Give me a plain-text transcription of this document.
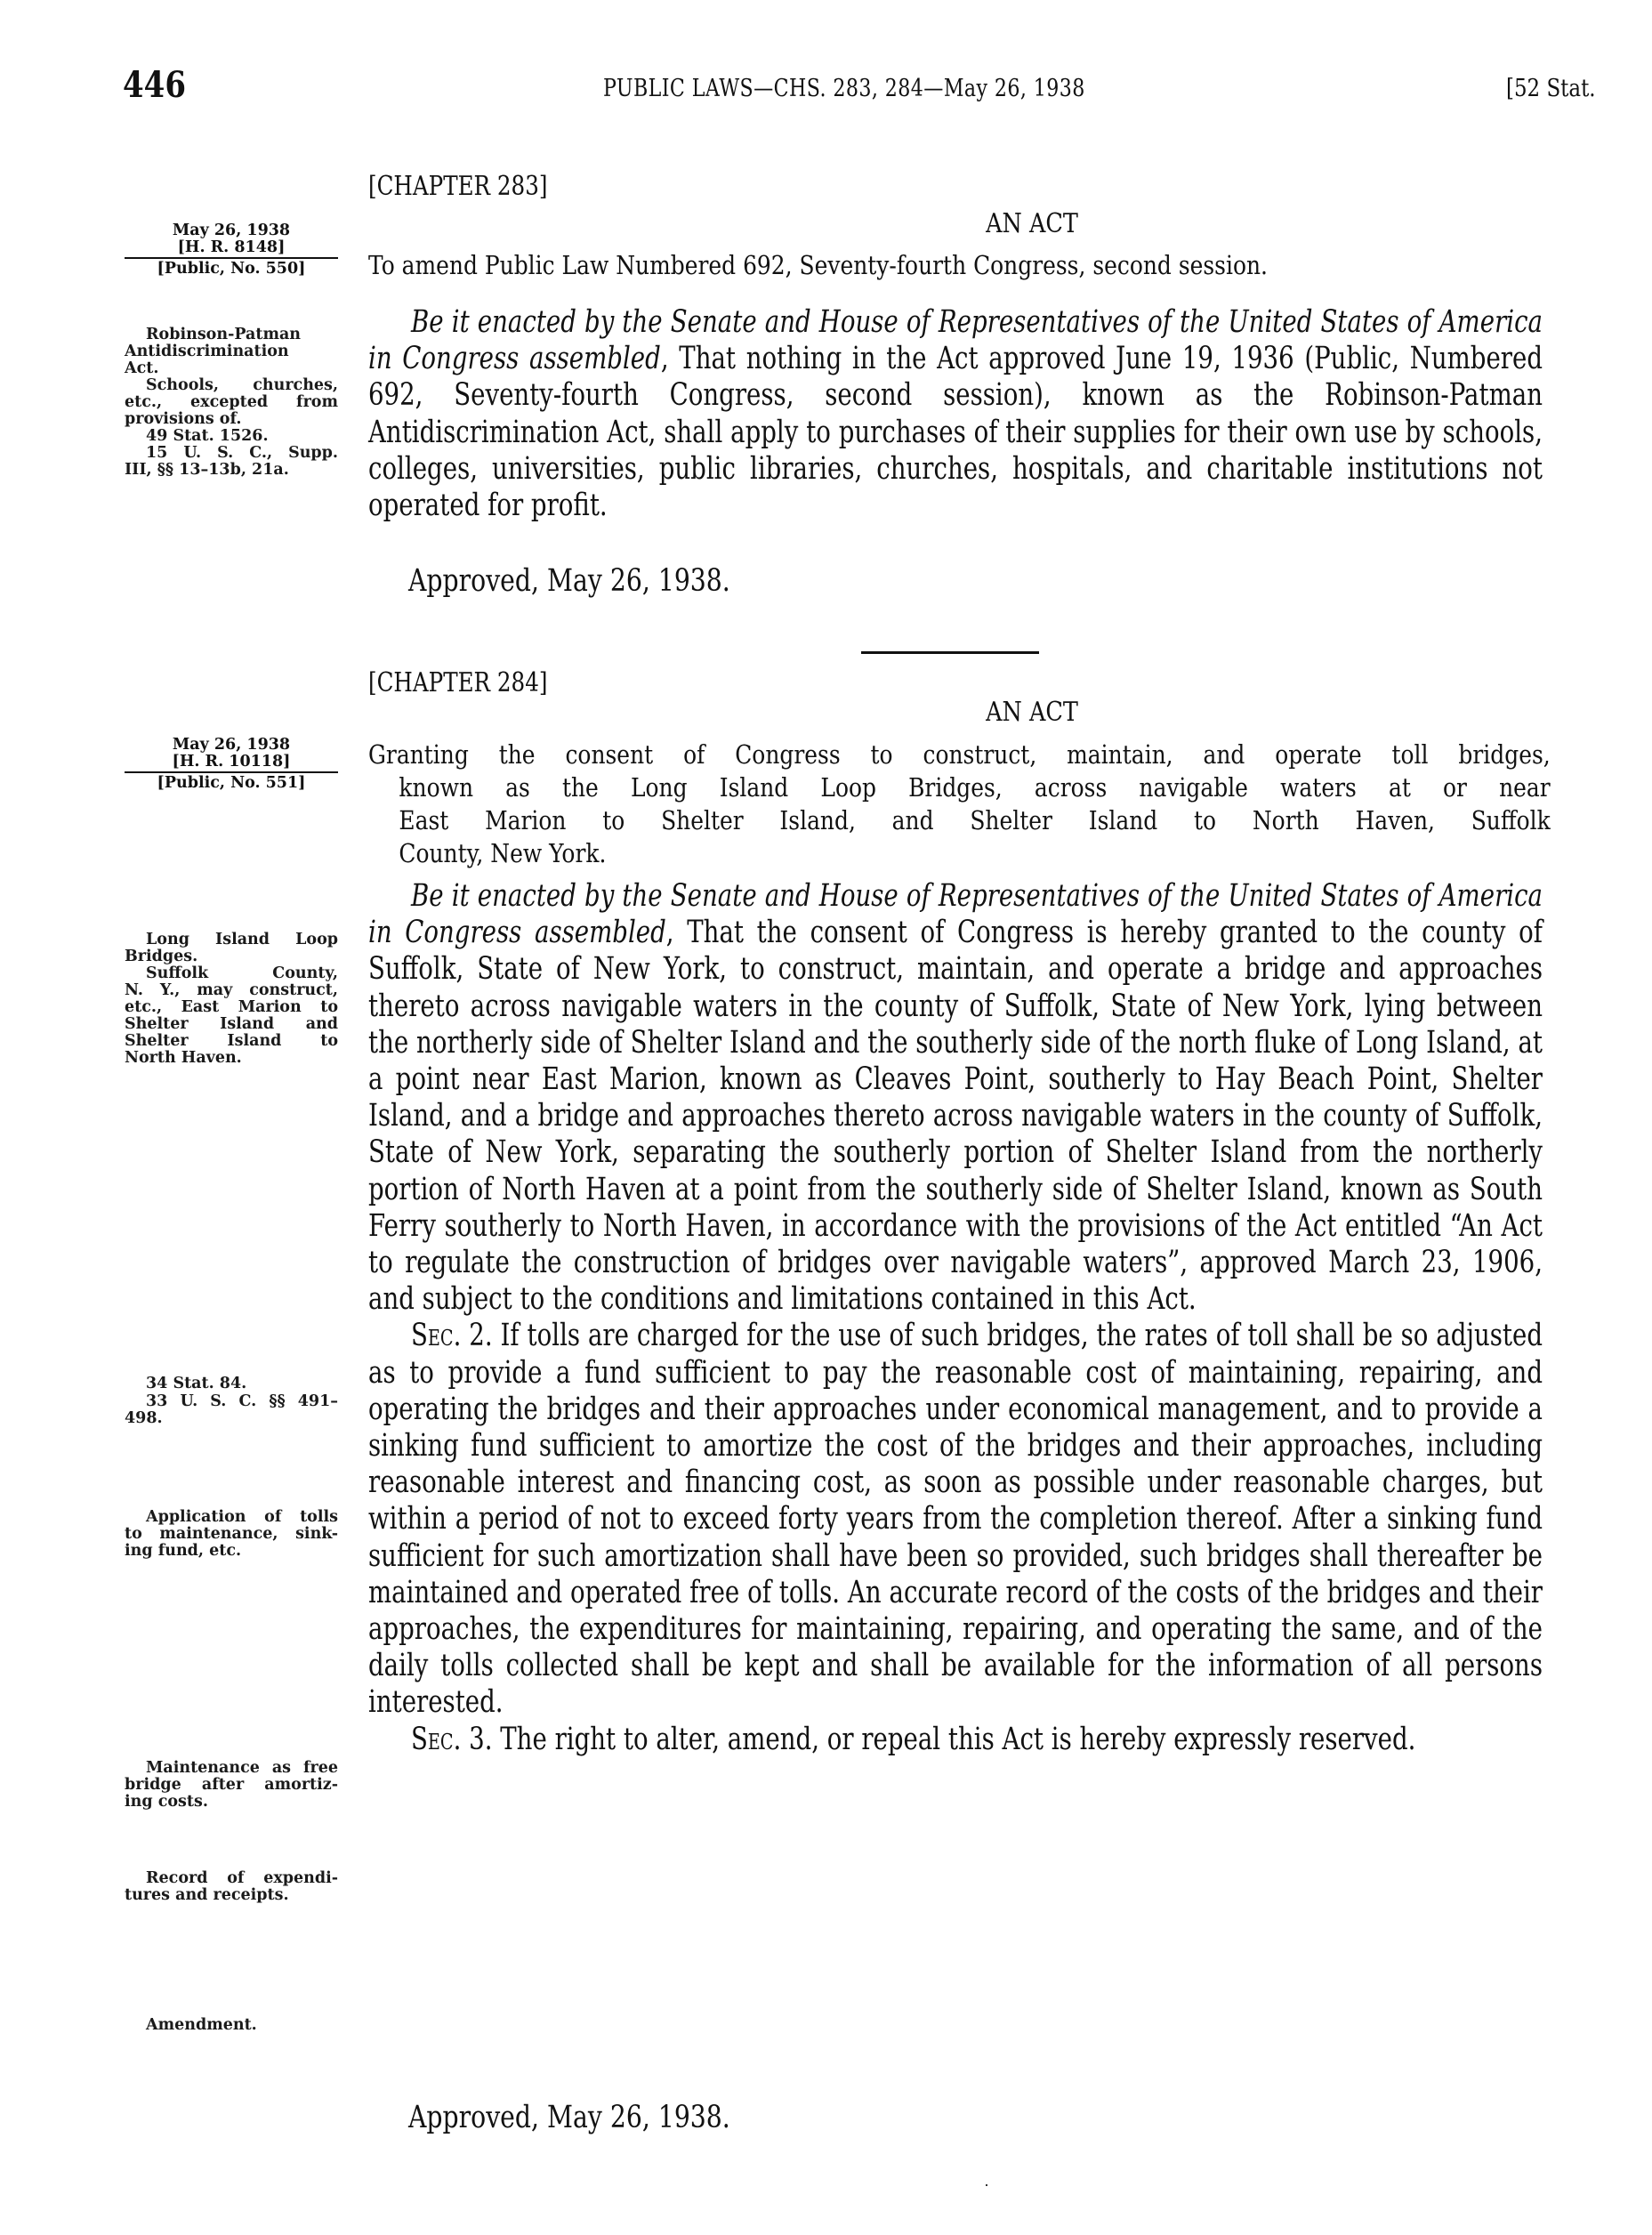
446	PUBLIC LAWS—CHS. 283, 284—May 26, 1938	[52 Stat.
[CHAPTER 283]
AN ACT
To amend Public Law Numbered 692, Seventy-fourth Congress, second session.
May 26, 1938
[H. R. 8148]
[Public, No. 550]

Robinson-Patman

Antidiscrimination

Act.

Schools, churches,

etc., excepted from

provisions of.

49 Stat. 1526.

15 U. S. C., Supp.

III, §§ 13–13b, 21a.

Be it enacted by the Senate and House of Representatives of the United States of America in Congress assembled, That nothing in the Act approved June 19, 1936 (Public, Numbered 692, Seventy-fourth Congress, second session), known as the Robinson-Patman Antidiscrimination Act, shall apply to purchases of their supplies for their own use by schools, colleges, universities, public libraries, churches, hospitals, and charitable institutions not operated for profit.

Approved, May 26, 1938.
[CHAPTER 284]
AN ACT
May 26, 1938
[H. R. 10118]
[Public, No. 551]

Granting the consent of Congress to construct, maintain, and operate toll bridges,

known as the Long Island Loop Bridges, across navigable waters at or near

East Marion to Shelter Island, and Shelter Island to North Haven, Suffolk

County, New York.

Long Island Loop

Bridges.

Suffolk County,

N. Y., may construct,

etc., East Marion to

Shelter Island and

Shelter Island to

North Haven.

34 Stat. 84.

33 U. S. C. §§ 491–

498.

Application of tolls

to maintenance, sink-

ing fund, etc.

Maintenance as free

bridge after amortiz-

ing costs.

Record of expendi-

tures and receipts.

Amendment.

Be it enacted by the Senate and House of Representatives of the United States of America in Congress assembled, That the consent of Congress is hereby granted to the county of Suffolk, State of New York, to construct, maintain, and operate a bridge and approaches thereto across navigable waters in the county of Suffolk, State of New York, lying between the northerly side of Shelter Island and the southerly side of the north fluke of Long Island, at a point near East Marion, known as Cleaves Point, southerly to Hay Beach Point, Shelter Island, and a bridge and approaches thereto across navigable waters in the county of Suffolk, State of New York, separating the southerly portion of Shelter Island from the northerly portion of North Haven at a point from the southerly side of Shelter Island, known as South Ferry southerly to North Haven, in accordance with the provisions of the Act entitled “An Act to regulate the construction of bridges over navigable waters”, approved March 23, 1906, and subject to the conditions and limitations contained in this Act.

Sec. 2. If tolls are charged for the use of such bridges, the rates of toll shall be so adjusted as to provide a fund sufficient to pay the reasonable cost of maintaining, repairing, and operating the bridges and their approaches under economical management, and to provide a sinking fund sufficient to amortize the cost of the bridges and their approaches, including reasonable interest and financing cost, as soon as possible under reasonable charges, but within a period of not to exceed forty years from the completion thereof. After a sinking fund sufficient for such amortization shall have been so provided, such bridges shall thereafter be maintained and operated free of tolls. An accurate record of the costs of the bridges and their approaches, the expenditures for maintaining, repairing, and operating the same, and of the daily tolls collected shall be kept and shall be available for the information of all persons interested.

Sec. 3. The right to alter, amend, or repeal this Act is hereby expressly reserved.

Approved, May 26, 1938.
